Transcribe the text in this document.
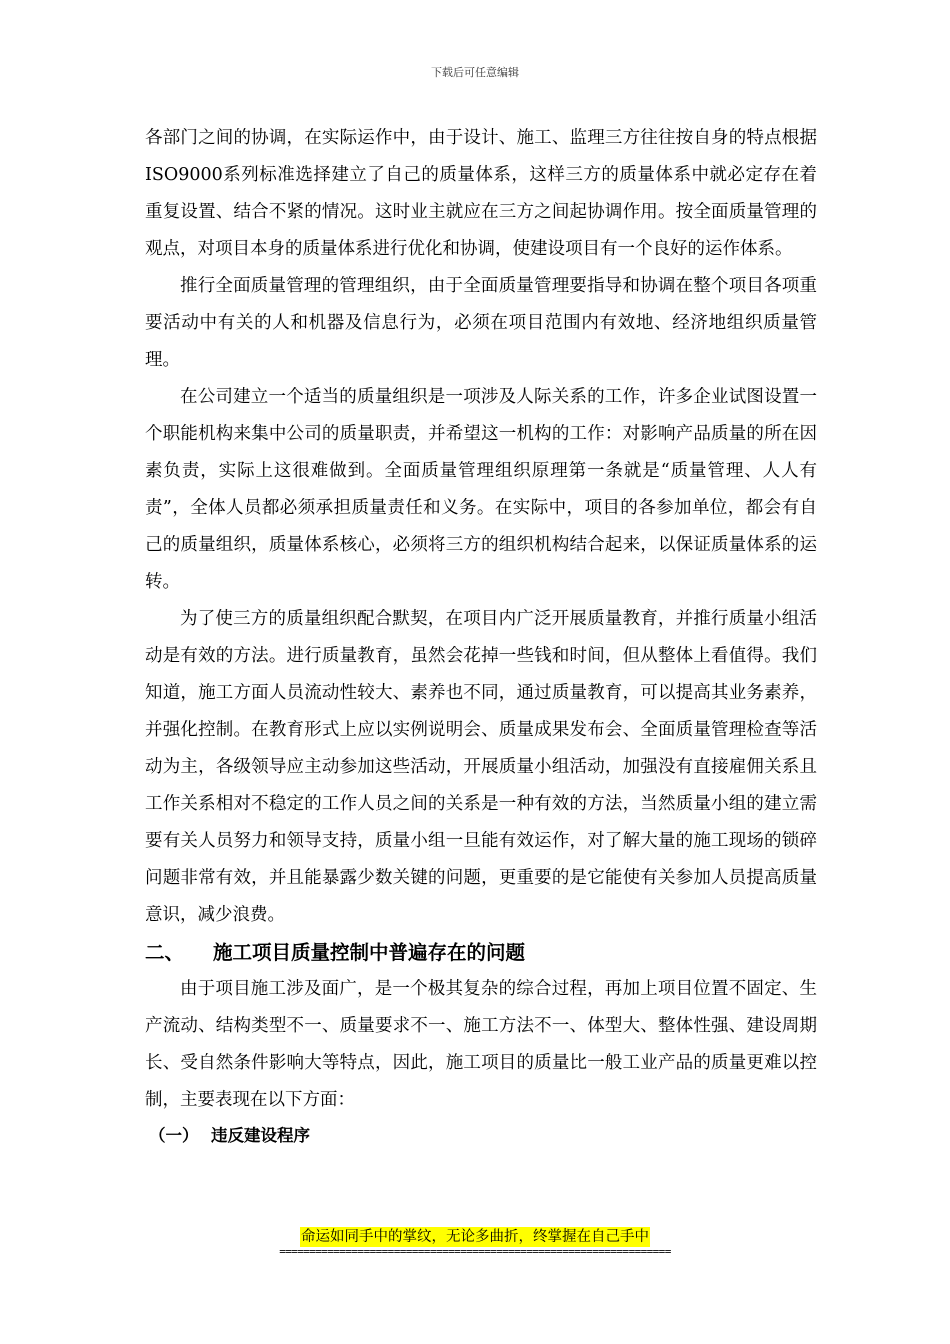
下载后可任意编辑

各部门之间的协调，在实际运作中，由于设计、施工、监理三方往往按自身的特点根据ISO9000系列标准选择建立了自己的质量体系，这样三方的质量体系中就必定存在着重复设置、结合不紧的情况。这时业主就应在三方之间起协调作用。按全面质量管理的观点，对项目本身的质量体系进行优化和协调，使建设项目有一个良好的运作体系。

推行全面质量管理的管理组织，由于全面质量管理要指导和协调在整个项目各项重要活动中有关的人和机器及信息行为，必须在项目范围内有效地、经济地组织质量管理。

在公司建立一个适当的质量组织是一项涉及人际关系的工作，许多企业试图设置一个职能机构来集中公司的质量职责，并希望这一机构的工作：对影响产品质量的所在因素负责，实际上这很难做到。全面质量管理组织原理第一条就是“质量管理、人人有责”，全体人员都必须承担质量责任和义务。在实际中，项目的各参加单位，都会有自己的质量组织，质量体系核心，必须将三方的组织机构结合起来，以保证质量体系的运转。

为了使三方的质量组织配合默契，在项目内广泛开展质量教育，并推行质量小组活动是有效的方法。进行质量教育，虽然会花掉一些钱和时间，但从整体上看值得。我们知道，施工方面人员流动性较大、素养也不同，通过质量教育，可以提高其业务素养，并强化控制。在教育形式上应以实例说明会、质量成果发布会、全面质量管理检查等活动为主，各级领导应主动参加这些活动，开展质量小组活动，加强没有直接雇佣关系且工作关系相对不稳定的工作人员之间的关系是一种有效的方法，当然质量小组的建立需要有关人员努力和领导支持，质量小组一旦能有效运作，对了解大量的施工现场的锁碎问题非常有效，并且能暴露少数关键的问题，更重要的是它能使有关参加人员提高质量意识，减少浪费。

二、	施工项目质量控制中普遍存在的问题

由于项目施工涉及面广，是一个极其复杂的综合过程，再加上项目位置不固定、生产流动、结构类型不一、质量要求不一、施工方法不一、体型大、整体性强、建设周期长、受自然条件影响大等特点，因此，施工项目的质量比一般工业产品的质量更难以控制，主要表现在以下方面：

（一） 违反建设程序
命运如同手中的掌纹，无论多曲折，终掌握在自己手中
=================================================================
